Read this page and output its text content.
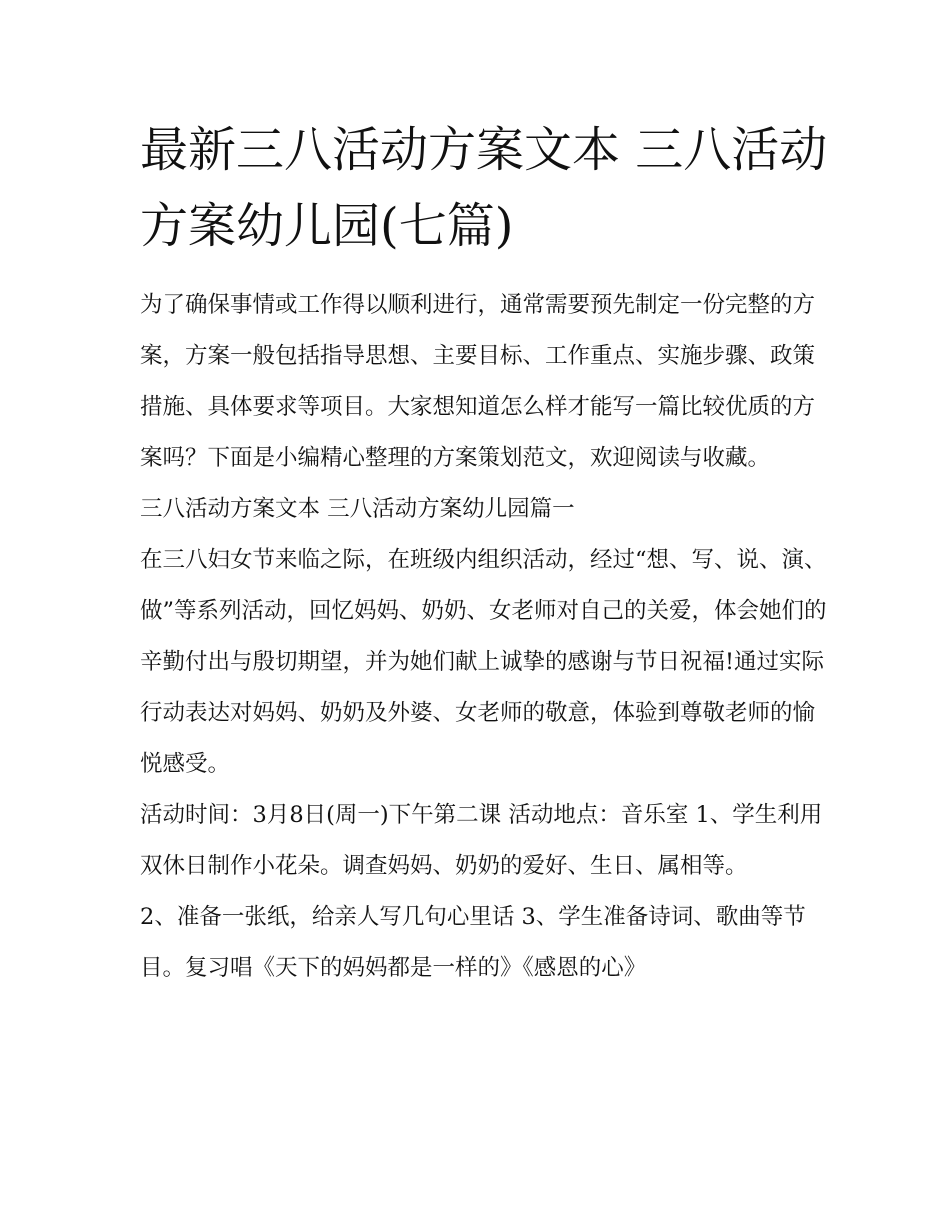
最新三八活动方案文本 三八活动方案幼儿园(七篇)

为了确保事情或工作得以顺利进行，通常需要预先制定一份完整的方案，方案一般包括指导思想、主要目标、工作重点、实施步骤、政策措施、具体要求等项目。大家想知道怎么样才能写一篇比较优质的方案吗？下面是小编精心整理的方案策划范文，欢迎阅读与收藏。

三八活动方案文本 三八活动方案幼儿园篇一

在三八妇女节来临之际，在班级内组织活动，经过“想、写、说、演、做”等系列活动，回忆妈妈、奶奶、女老师对自己的关爱，体会她们的辛勤付出与殷切期望，并为她们献上诚挚的感谢与节日祝福!通过实际行动表达对妈妈、奶奶及外婆、女老师的敬意，体验到尊敬老师的愉悦感受。

活动时间：3月8日(周一)下午第二课 活动地点：音乐室 1、学生利用双休日制作小花朵。调查妈妈、奶奶的爱好、生日、属相等。

2、准备一张纸，给亲人写几句心里话 3、学生准备诗词、歌曲等节目。复习唱《天下的妈妈都是一样的》《感恩的心》
